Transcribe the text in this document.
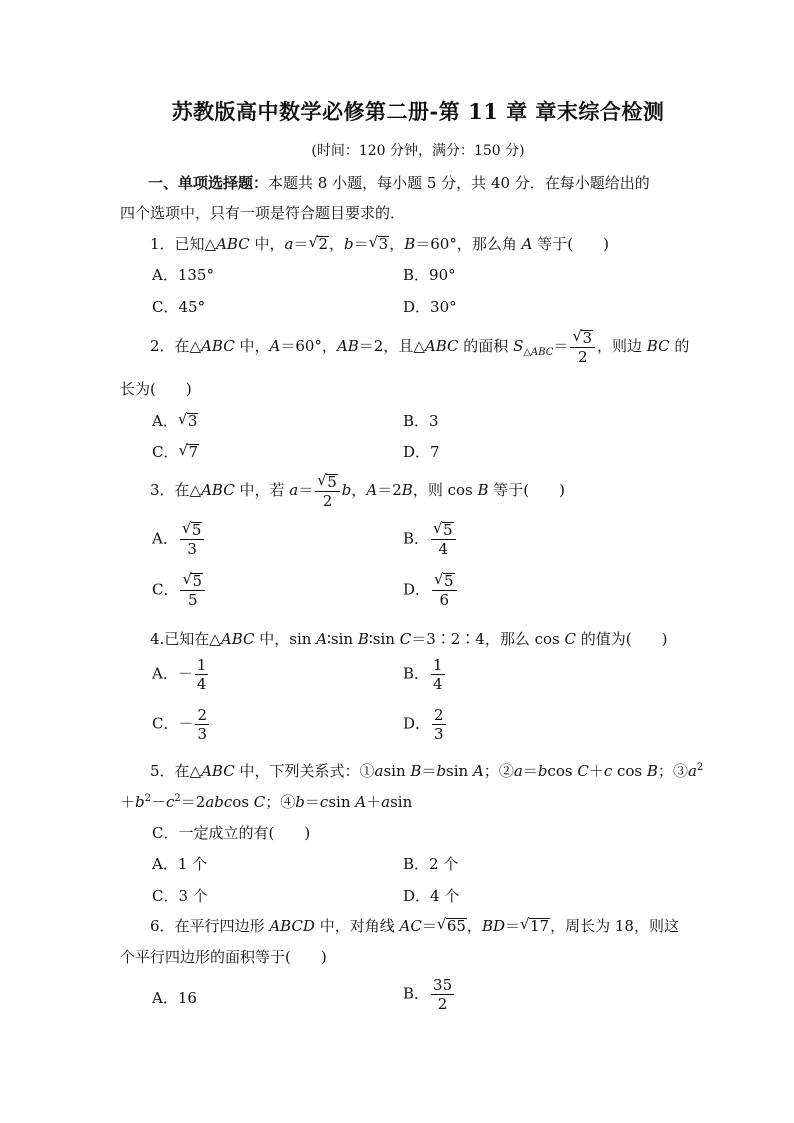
苏教版高中数学必修第二册-第 11 章 章末综合检测
(时间：120 分钟，满分：150 分)
一、单项选择题：本题共 8 小题，每小题 5 分，共 40 分．在每小题给出的
四个选项中，只有一项是符合题目要求的．
1．已知△ABC 中，a＝ √ 2，b＝ √ 3，B＝60°，那么角 A 等于(　　)
A．135°	B．90°
C．45°	D．30°
2．在△ABC 中，A＝60°，AB＝2，且△ABC 的面积 $S_{\triangle ABC}=$ √ $\frac{3}{2}$ ，则边 BC 的
长为(　　)
A． √ 3	B．3
C． √ 7	D．7
3．在△ABC 中，若 a＝ √ $\frac{5}{2}$ b，A＝2B，则 cos B 等于(　　)
A． √ $\frac{5}{3}$	B． √ $\frac{5}{4}$
C． √ $\frac{5}{5}$	D． √ $\frac{5}{6}$
4.已知在△ABC 中，sin A∶sin B∶sin C＝3∶2∶4，那么 cos C 的值为(　　)
A．－ $\frac{1}{4}$	B． $\frac{1}{4}$
C．－ $\frac{2}{3}$	D． $\frac{2}{3}$
5．在△ABC 中，下列关系式：①asin B＝bsin A；②a＝bcos C＋c cos B；$③a^2$
$+b^2-c^2=2abcos$ C；④b＝csin A＋asin
C．一定成立的有(　　)
A．1 个	B．2 个
C．3 个	D．4 个
6．在平行四边形 ABCD 中，对角线 AC＝ √ 65，BD＝ √ 17，周长为 18，则这
个平行四边形的面积等于(　　)
A．16	B． $\frac{35}{2}$
